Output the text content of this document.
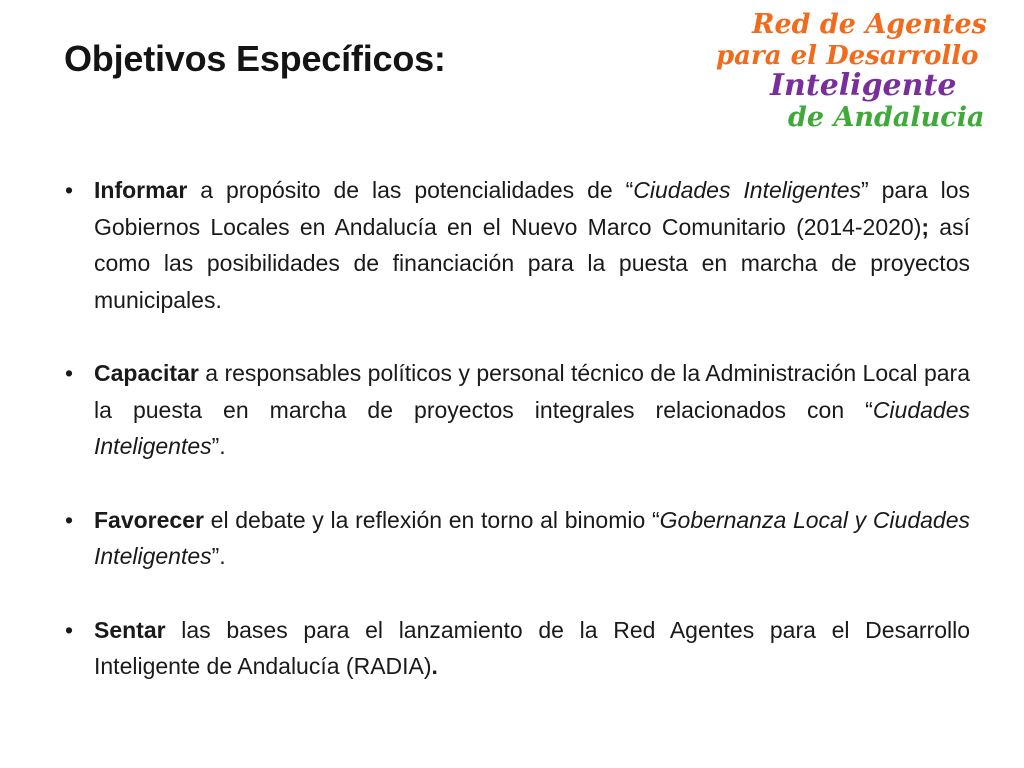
Objetivos Específicos:
Red de Agentes
para el Desarrollo
Inteligente
de Andalucia
• Informar a propósito de las potencialidades de “Ciudades Inteligentes” para los Gobiernos Locales en Andalucía en el Nuevo Marco Comunitario (2014-2020); así como las posibilidades de financiación para la puesta en marcha de proyectos municipales.
• Capacitar a responsables políticos y personal técnico de la Administración Local para la puesta en marcha de proyectos integrales relacionados con “Ciudades Inteligentes”.
• Favorecer el debate y la reflexión en torno al binomio “Gobernanza Local y Ciudades Inteligentes”.
• Sentar las bases para el lanzamiento de la Red Agentes para el Desarrollo Inteligente de Andalucía (RADIA).
